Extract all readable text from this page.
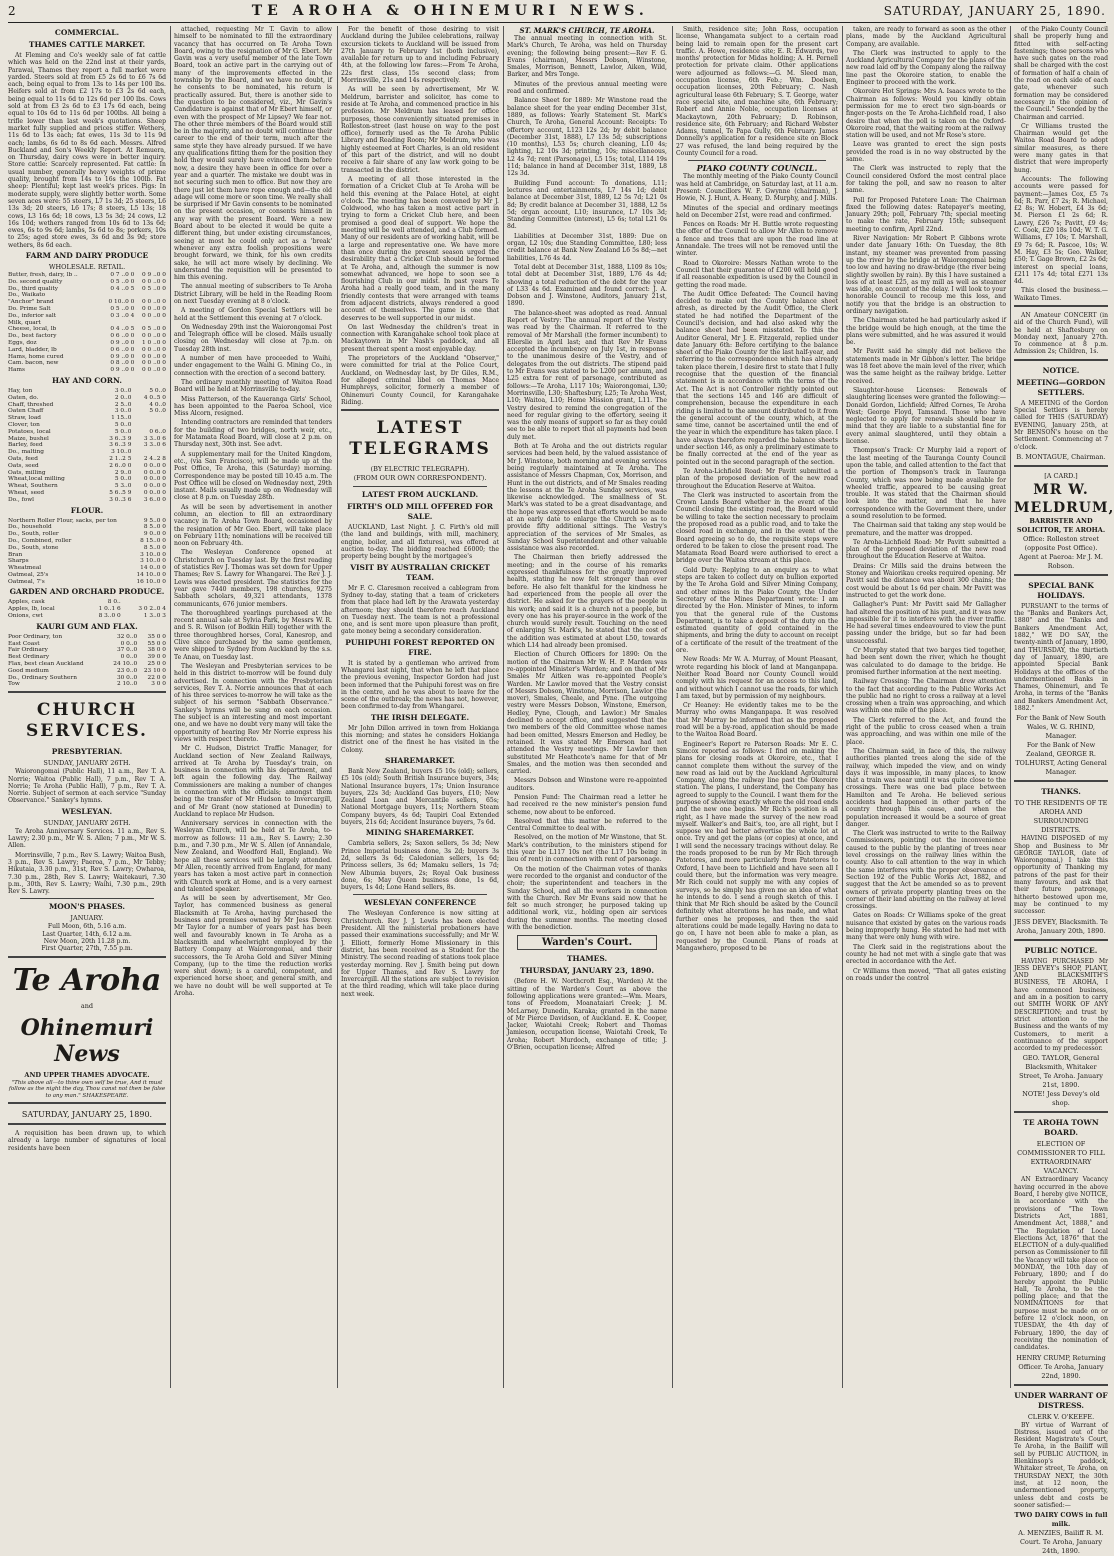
2	TE AROHA & OHINEMURI NEWS.	SATURDAY, JANUARY 25, 1890.
COMMERCIAL.
THAMES CATTLE MARKET.

At Fleming and Co's weekly sale of fat cattle which was held on the 22nd inst at their yards, Parawai, Thames they report a full market were yarded. Steers sold at from £5 2s 6d to £6 7s 6d each, being equal to from 13s to 14s per 100 lbs. Heifers sold at from £2 17s to £3 2s 6d each, being equal to 11s 6d to 12s 6d per 100 lbs. Cows sold at from £3 2s 6d to £3 17s 6d each, being equal to 10s 6d to 11s 6d per 100lbs. All being a trifle lower than last week's quotations. Sheep market fully supplied and prices stiffer. Wethers, 11s 6d to 13s each; fat ewes, 11s 3d to 11s 9d each; lambs, 6s 6d to 8s 6d each. Messrs. Alfred Buckland and Son's Weekly Report. At Remuera, on Thursday, dairy cows were in better inquiry. Store cattle: Scarcely represented. Fat cattle: In usual number, generally heavy weights of prime quality, brought from 14s to 16s the 100lb. Fat sheep: Plentiful; kept last week's prices. Pigs: In moderate supply, were slightly better worth. Some seven aces were: 55 steers, L7 1s 3d; 25 steers, L6 13s 3d; 20 steers, L6 17s; 8 steers, L5 13s; 18 cows, L3 16s 6d; 18 cows, L3 5s 3d; 24 cows, L2 16s 10d; wethers ranged from 10s 6d to 13s 6d; ewes, 6s to 9s 6d; lambs, 5s 6d to 8s; porkers, 10s to 25s; aged store ewes, 3s 6d and 3s 9d; store wethers, 8s 6d each.

FARM AND DAIRY PRODUCE
WHOLESALE. RETAIL.
Butter, fresh, dairy, lb ..	0 7 ..0 0	0 9 ..0 0
Do. second quality	0 5 ..0 0	0 0 ..0 0
Do., third quality	0 4 ..0 5	0 5 ..0 0
Do., Waikato		
"Anchor" brand	0 10..0 0	0 0 ..0 0
Do. Prime Salt	0 5 ..0 0	0 0 ..0 0
Do., inferior salt	0 3 ..0 4	0 0 ..0 0
Milk, quart		
Cheese, local, lb	0 4 ..0 5	0 5 ..0 0
Do., best factory	0 6 ..0 0	0 0 ..0 0
Eggs, doz	0 9 ..0 0	1 0 ..0 0
Lard, bladder, lb	0 6 ..0 0	0 0 ..0 0
Hams, home cured	0 9 ..0 0	0 0 ..0 0
Cam. bacon, new	0 8 ..0 0	0 0 ..0 0
Hams	0 9 ..0 0	0 0 ..0 0
HAY AND CORN.
Hay, ton	3 0..0	5 0..0	
Oaten, do.	2 0..0	4 0..5 0	
Chaff, threshed	2 5..0	4 0..0	
Oaten Chaff	3 0..0	5 0..0	
Straw, load	1 15..0		
Clover, ton	5 0..0		
Potatoes, local	5 0..0	0 6..0	
Maize, bushel	3 6..3 9	3 3..0 6	
Barley, feed	3 6..3 9	3 3..0 6	
Do., malting	3 10..0		
Oats, feed	2 1..2 5	2 4..2 8	
Oats, seed	2 6..0 0	0 0..0 0	
Oats, milling	2 9..0	0 0..0 0	
Wheat,local milling	5 0..0	0 0..0 0	
Wheat, Southern	5 3..0	0 0..0 0	
Wheat, seed	5 6..5 9	0 0..0 0	
Do., fowl	3 0..3 6	3 6..0 0	
FLOUR.
Northern Roller Flour, sacks, per ton	9 5..0 0	
Do., household	8 5..0 0	
Do., South, roller	9 0..0 0	
Do., Combined, roller	8 15..0 0	
Do., South, stone	8 5..0 0	
Bran	3 10..0 0	
Sharps	3 10..0 0	
Wheatmeal	14 0..0 0	
Oatmeal, 25's	14 10..0 0	
Oatmeal, 7's	16 10..0 0	
GARDEN AND ORCHARD PRODUCE.
Apples, cask	8 0..	
Apples, lb, local	1 0..1 6	3 0 2..0 4
Onions, cwt	8 3..0 0	1 3..0 3
KAURI GUM AND FLAX.
Poor Ordinary, ton	32 0..0	35 0 0
East Coast	0 0..0	55 0 0
Fair Ordinary	37 0..0	38 0 0
Best Ordinary	0 0..0	39 0 0
Flax, best clean Auckland	24 10..0	25 0 0
Good medium	23 0..0	23 10 0
Do., Ordinary Southern	30 0..0	22 0 0
Tow	2 10..0	3 0 0
CHURCH SERVICES.
PRESBYTERIAN.
SUNDAY, JANUARY 26TH.

Waiorongomai (Public Hall), 11 a.m., Rev T. A. Norrie; Waitoa (Public Hall), 7 p.m., Rev T. A. Norrie; Te Aroha (Public Hall), 7 p.m., Rev T. A. Norrie. Subject of sermon at each service "Sunday Observance." Sankey's hymns.

WESLEYAN.
SUNDAY, JANUARY 26TH.

Te Aroha Anniversary Services. 11 a.m., Rev S. Lawry; 2.30 p.m., Mr W. S. Allen; 7 p.m., Mr W. S. Allen.

Morrinsville, 7 p.m., Rev S. Lawry; Waitoa Bush, 3 p.m., Rev S. Lawry; Paeroa, 7 p.m., Mr Tebby; Hikutaia, 3.30 p.m., 31st, Rev S. Lawry; Owharoa, 7.30 p.m., 28th, Rev S. Lawry; Waitekauri, 7.30 p.m., 30th, Rev S. Lawry; Waihi, 7.30 p.m., 29th Rev S. Lawry.

MOON'S PHASES.
JANUARY.
Full Moon, 6th, 5.16 a.m.
Last Quarter, 14th, 6.12 a.m.
New Moon, 20th 11.28 p.m.
First Quarter, 27th, 7.55 p.m.
Te Aroha
and
Ohinemuri News
AND UPPER THAMES ADVOCATE.
"This above all—to thine own self be true, And it must follow as the night the day, Thou canst not then be false to any man." SHAKESPEARE.
SATURDAY, JANUARY 25, 1890.

A requisition has been drawn up, to which already a large number of signatures of local residents have been

attached, requesting Mr T. Gavin to allow himself to be nominated to fill the extraordinary vacancy that has occurred on Te Aroha Town Board, owing to the resignation of Mr G. Ebert. Mr Gavin was a very useful member of the late Town Board, took an active part in the carrying out of many of the improvements effected in the township by the Board, and we have no doubt, if he consents to be nominated, his return is practically assured. But, there is another side to the question to be considered, viz., Mr Gavin's Candidature is against that of Mr Ebert himself, or even with the prospect of Mr Lipsey? We fear not. The other three members of the Board would still be in the majority, and no doubt will continue their career to the end of their term, much after the same style they have already pursued. If we have any qualifications fitting them for the position they hold they would surely have evinced them before now, a desire they have been in office for over a year and a quarter. The mistake we doubt was in not securing such men to office. But now they are there just let them have rope enough and—the old adage will come more or soon time. We really shall be surprised if Mr Gavin consents to be nominated on the present occasion, or consents himself in any way with the present Board. Were a new Board about to be elected it would be quite a different thing, but under existing circumstances, seeing at most he could only act as a 'break' whenever any extra foolish propositions were brought forward, we think, for his own credits sake, he will act more wisely by declining. We understand the requisition will be presented to him this evening.

The annual meeting of subscribers to Te Aroha District Library, will be held in the Reading Room on next Tuesday evening at 8 o'clock.

A meeting of Gordon Special Settlers will be held at the Settlement this evening at 7 o'clock.

On Wednesday 29th inst the Waiorongomai Post and Telegraph office will be closed. Mails usually closing on Wednesday will close at 7p.m. on Tuesday 28th inst.

A number of men have proceeded to Waihi, under engagement to the Waihi G. Mining Co., in connection with the erection of a second battery.

The ordinary monthly meeting of Waitoa Road Board will be held at Morrinsville to-day.

Miss Patterson, of the Kaueranga Girls' School, has been appointed to the Paeroa School, vice Miss Alcorn, resigned.

Intending contractors are reminded that tenders for the building of two bridges, north weir, etc., for Matamata Road Board, will close at 2 p.m. on Thursday next, 30th inst. See advt.

A supplementary mail for the United Kingdom, etc., (via San Francisco), will be made up at the Post Office, Te Aroha, this (Saturday) morning. Correspondence may be posted till 10.45 a.m. The Post Office will be closed on Wednesday next, 29th instant. Mails usually made up on Wednesday will close at 8 p.m. on Tuesday 28th.

As will be seen by advertisement in another column, an election to fill an extraordinary vacancy in Te Aroha Town Board, occasioned by the resignation of Mr Geo. Ebert, will take place on February 11th; nominations will be received till noon on February 4th.

The Wesleyan Conference opened at Christchurch on Tuesday last. By the first reading of statistics Rev J. Thomas was set down for Upper Thames; Rev S. Lawry for Whangarei. The Rev J. J. Lewis was elected president. The statistics for the year gave 7440 members, 198 churches, 9275 Sabbath scholars, 49,321 attendants, 1378 communicants, 676 junior members.

The thoroughbred yearlings purchased at the recent annual sale at Sylvia Park, by Messrs W. R. and S. R. Wilson (of Bodkin Hill) together with the three thoroughbred horses, Coral, Kanesrop, and Clive since purchased by the same gentlemen, were shipped to Sydney from Auckland by the s.s. Te Anau, on Tuesday last.

The Wesleyan and Presbyterian services to be held in this district to-morrow will be found duly advertised. In connection with the Presbyterian services, Rev T. A. Norrie announces that at each of his three services to-morrow he will take as the subject of his sermon "Sabbath Observance." Sankey's hymns will be sung on each occasion. The subject is an interesting and most important one, and we have no doubt very many will take the opportunity of hearing Rev Mr Norrie express his views with respect thereto.

Mr C. Hudson, District Traffic Manager, for Auckland section of New Zealand Railways, arrived at Te Aroha by Tuesday's train, on business in connection with his department, and left again the following day. The Railway Commissioners are making a number of changes in connection with the officials; amongst them being the transfer of Mr Hudson to Invercargill, and of Mr Grant (now stationed at Dunedin) to Auckland to replace Mr Hudson.

Anniversary services in connection with the Wesleyan Church, will be held at Te Aroha, to-morrow as follows: 11 a.m., Rev S. Lawry; 2.30 p.m., and 7.30 p.m., Mr W. S. Allen (of Annandale, New Zealand, and Woodford Hall, England). We hope all these services will be largely attended. Mr Allen, recently arrived from England, for many years has taken a most active part in connection with Church work at Home, and is a very earnest and talented speaker.

As will be seen by advertisement, Mr Geo. Taylor, has commenced business as general Blacksmith at Te Aroha, having purchased the business and premises owned by Mr Jess Devey. Mr Taylor for a number of years past has been well and favourably known in Te Aroha as a blacksmith and wheelwright employed by the Battery Company at Waiorongomai, and their successors, the Te Aroha Gold and Silver Mining Company, (up to the time the reduction works were shut down); is a careful, competent, and experienced horse shoer, and general smith, and we have no doubt will be well supported at Te Aroha.

For the benefit of those desiring to visit Auckland during the Jubilee celebrations, railway excursion tickets to Auckland will be issued from 27th January to February 1st (both inclusive), available for return up to and including February 4th, at the following low fares:—From Te Aroha, 22s first class, 15s second class; from Morrinsville, 21s and 14s respectively.

As will be seen by advertisement, Mr W. Meldrum, barrister and solicitor, has come to reside at Te Aroha, and commenced practice in his profession. Mr Meldrum has leased for office purposes, those conveniently situated premises in Rolleston-street (last house on way to the post office), formerly used as the Te Aroha Public Library and Reading Room; Mr Meldrum, who was highly esteemed at Fort Charles, is an old resident of this part of the district, and will no doubt receive a fair share of any law work going to be transacted in the district.

A meeting of all those interested in the formation of a Cricket Club at Te Aroha will be held this evening at the Palace Hotel, at eight o'clock. The meeting has been convened by Mr J. Coldwood, who has taken a most active part in trying to form a Cricket Club here, and been promised a good deal of support. We hope the meeting will be well attended, and a Club formed. Many of our residents are of working habit, will be a large and representative one. We have more than once during the present season urged the desirability that a Cricket Club should be formed at Te Aroha, and, although the summer is now somewhat advanced, we hope to soon see a flourishing Club in our midst. In past years Te Aroha had a really good team, and in the many friendly contests that were arranged with teams from adjacent districts, always rendered a good account of themselves. The game is one that deserves to be well supported in our midst.

On last Wednesday the children's treat in connection with Karangahake school took place at Mackaytown in Mr Nash's paddock, and all present thereat spent a most enjoyable day.

The proprietors of the Auckland "Observer," were committed for trial at the Police Court, Auckland, on Wednesday last, by Dr Giles, R.M., for alleged criminal libel on Thomas Mace Humphreys, solicitor, formerly a member of Ohinemuri County Council, for Karangahake Riding.

LATEST TELEGRAMS
(BY ELECTRIC TELEGRAPH).
(FROM OUR OWN CORRESPONDENT).
LATEST FROM AUCKLAND.
FIRTH'S OLD MILL OFFERED FOR SALE.

AUCKLAND, Last Night. J. C. Firth's old mill (the land and buildings, with mill, machinery, engine, boiler, and all fixtures), was offered at auction to-day. The bidding reached £6000; the property being bought by the mortgagee's

VISIT BY AUSTRALIAN CRICKET TEAM.

Mr F. C. Claresmon received a cablegram from Sydney to-day, stating that a team of cricketers from that place had left by the Arawata yesterday afternoon; they should therefore reach Auckland on Tuesday next. The team is not a professional one, and is sent more upon pleasure than profit, gate money being a secondary consideration.

PUHIPUHI FOREST REPORTED ON FIRE.

It is stated by a gentleman who arrived from Whangarei last night, that when he left that place the previous evening, Inspector Gordon had just been informed that the Puhipuhi forest was on fire in the centre, and he was about to leave for the scene of the outbreak; the news has not, however, been confirmed to-day from Whangarei.

THE IRISH DELEGATE.

Mr John Dillon arrived in town from Hokianga this morning; and states he considers Hokianga district one of the finest he has visited in the Colony.

SHAREMARKET.

Bank New Zealand, buyers £5 10s (old); sellers, £5 10s (old); South British Insurance buyers, 34s; National Insurance buyers, 17s; Union Insurance buyers, 22s 3d; Auckland Gas buyers, £10; New Zealand Loan and Mercantile sellers, 65s; National Mortgage buyers, 11s; Northern Steam Company buyers, 4s 6d; Taupiri Coal Extended buyers, 21s 6d; Accident Insurance buyers, 7s 6d.

MINING SHAREMARKET.

Cambria sellers, 2s; Saxon sellers, 5s 3d; New Prince Imperial business done, 3s 2d; buyers 3s 2d, sellers 3s 6d; Caledonian sellers, 1s 6d; Princess sellers, 3s 6d; Mamaku sellers, 1s 7d; New Albumia buyers, 2s; Royal Oak business done, 6s; May Queen business done, 1s 6d, buyers, 1s 4d; Lone Hand sellers, 8s.

WESLEYAN CONFERENCE

The Wesleyan Conference is now sitting at Christchurch. Rev J. J. Lewis has been elected President. All the ministerial probationers have passed their examinations successfully; and Mr W. J. Elliott, formerly Home Missionary in this district, has been received as a Student for the Ministry. The second reading of stations took place yesterday morning. Rev J. Smith being put down for Upper Thames, and Rev S. Lawry for Invercargill. All the stations are subject to revision at the third reading, which will take place during next week.

ST. MARK'S CHURCH, TE AROHA.

The annual meeting in connection with St. Mark's Church, Te Aroha, was held on Thursday evening; the following being present:—Rev F. G. Evans (chairman), Messrs Dobson, Winstone, Smales, Morrison, Bennett, Lawlor, Aiken, Wild, Barker, and Mrs Tonge.

Minutes of the previous annual meeting were read and confirmed.

Balance Sheet for 1889: Mr Winstone read the balance sheet for the year ending December 31st, 1889, as follows: Yearly Statement St. Mark's Church, Te Aroha, General Account: Receipts: To offertory account, L123 12s 2d; by debit balance (December 31st, 1888), L7 13s 5d; subscriptions (10 months), L53 5s; church cleaning, L10 4s; lighting, L2 10s 3d; printing, 10s; miscellaneous, L2 4s 7d; rent (Parsonage), L5 15s; total, L114 19s 11d; balance in hand at December 31st, 1889, L8 12s 3d.

Building Fund account: To donations, L11; lectures and entertainments, L7 14s 1d; debit balance at December 31st, 1889, L2 5s 7d; L21 0s 8d; By credit balance at December 31, 1888, L2 5s 5d; organ account, L10; insurance, L7 10s 3d; Standing Committee (interest), L5 6s; total L21 0s 8d.

Liabilities at December 31st, 1889: Due on organ, L2 10s; due Standing Committee, L80; less credit balance at Bank New Zealand L6 5s 8d;—net liabilities, L76 4s 4d.

Total debt at December 31st, 1888, L109 8s 10s; total debt at December 31st, 1889, L76 4s 4d; showing a total reduction of the debt for the year of L33 4s 6d. Examined and found correct: J. A. Dobson and J. Winstone, Auditors, January 21st, 1890.

The balance-sheet was adopted as read. Annual Report of Vestry: The annual report of the Vestry was read by the Chairman. It referred to the removal of Mr Marshall (the former incumbent) to Ellerslie in April last; and that Rev Mr Evans accepted the incumbency on July 1st, in response to the unanimous desire of the Vestry, and of delegates from the out districts. The stipend paid to Mr Evans was stated to be L200 per annum, and L25 extra for rent of parsonage, contributed as follows:—Te Aroha, L117 10s; Waiorongomai, L30; Morrinsville, L30; Shaftesbury, L25; Te Aroha West, L10; Waitoa, L10; Home Mission grant, L11. The Vestry desired to remind the congregation of the need for regular giving to the offertory, seeing it was the only means of support so far as they could see to be able to report that all payments had been duly met.

Both at Te Aroha and the out districts regular services had been held, by the valued assistance of Mr J. Winstone, both morning and evening services being regularly maintained at Te Aroha. The assistance of Messrs Chapman, Cox, Morrison, and Hunt in the out districts, and of Mr Smales reading the lessons at the Te Aroha Sunday services, was likewise acknowledged. The smallness of St. Mark's was stated to be a great disadvantage, and the hope was expressed that efforts would be made at an early date to enlarge the Church so as to provide fifty additional sittings. The Vestry's appreciation of the services of Mr Smales, as Sunday School Superintendent and other valuable assistance was also recorded.

The Chairman then briefly addressed the meeting; and in the course of his remarks expressed thankfulness for the greatly improved health, stating he now felt stronger than ever before. He also felt thankful for the kindness he had experienced from the people all over the district. He asked for the prayers of the people in his work; and said it is a church not a people, but every one has his prayer-source in the work of the church would surely result. Touching on the need of enlarging St. Mark's, he stated that the cost of the addition was estimated at about L50, towards which L14 had already been promised.

Election of Church Officers for 1890: On the motion of the Chairman Mr W. H. P. Marden was re-appointed Minister's Warden; and on that of Mr Smales Mr Aitken was re-appointed People's Warden. Mr Lawlor moved that the Vestry consist of Messrs Dobson, Winstone, Morrison, Lawlor (the mover), Smales, Cheale, and Pyne. (The outgoing vestry were Messrs Dobson, Winstone, Emerson, Hedley, Pyne, Clough, and Lawlor.) Mr Smales declined to accept office, and suggested that the two members of the old Committee whose names had been omitted, Messrs Emerson and Hedley, be retained. It was stated Mr Emerson had not attended the Vestry meetings. Mr Lawlor then substituted Mr Heathcote's name for that of Mr Smales, and the motion was then seconded and carried.

Messrs Dobson and Winstone were re-appointed auditors.

Pension Fund: The Chairman read a letter he had received re the new minister's pension fund scheme, now about to be enforced.

Resolved that this matter be referred to the Central Committee to deal with.

Resolved, on the motion of Mr Winstone, that St. Mark's contribution, to the ministers stipend for this year be L117 10s net (the L17 10s being in lieu of rent) in connection with rent of parsonage.

On the motion of the Chairman votes of thanks were recorded to the organist and conductor of the choir; the superintendent and teachers in the Sunday School, and all the workers in connection with the Church. Rev Mr Evans said now that he felt so much stronger, he purposed taking up additional work, viz., holding open air services during the summer months. The meeting closed with the benediction.

Warden's Court.
THAMES.
THURSDAY, JANUARY 23, 1890.

(Before H. W. Northcroft Esq., Warden) At the sitting of the Warden's Court as above the following applications were granted:—Wm. Mears, tons of Freedom, Moanataiari Creek; J. M. McLarney, Dunedin, Karaka; granted in the name of Mr Pierce Davidson, of Auckland. E. K. Cooper, Jacker, Waiotahi Creek; Robert and Thomas Jamieson, occupation license, Waiotahi Creek, Te Aroha; Robert Murdoch, exchange of title; J. O'Brien, occupation license; Alfred

Smith, residence site; John Ross, occupation license, Whangamata subject to a certain road being laid to remain open for the present cart traffic. A. Howe, residence site; E. R. Edwards, two months' protection for Midas holding; A. H. Pernell protection for private claim. Other applications were adjourned as follows:—G. M. Sleed man, occupation license, 6th Feb.; Wm. Doelsen, occupation licenses, 20th February; C. Nash agricultural lease 6th February; S. T. George, water race special site, and machine site, 6th February; Robert and Annie Noble, occupation licenses at Mackaytown, 20th February; D. Robinson, residence site, 6th February; and Richard Webster Adams, tunnel, Te Papa Gully, 6th February. James Donnelly's application for a residence site on Block 27 was refused, the land being required by the County Council for a road.

PIAKO COUNTY COUNCIL.

The monthly meeting of the Piako County Council was held at Cambridge, on Saturday last, at 11 a.m. Present: Councillors W. F. Gwynne (chairman), J. Howie, N. J. Hunt, A. Heany, D. Murphy, and J. Mills.

Minutes of the special and ordinary meetings held on December 21st, were read and confirmed.

Fences on Roads: Mr H. Buttle wrote requesting the offer of the Council to allow Mr Allen to remove a fence and trees that are upon the road line at Annandale. The trees will not be removed until the winter.

Road to Okoroire: Messrs Nathan wrote to the Council that their guarantee of £200 will hold good if all reasonable expedition is used by the Council in getting the road made.

The Audit Office Defeated: The Council having decided to make out the County balance sheet afresh, as directed by the Audit Office, the Clerk stated he had notified the Department of the Council's decision, and had also asked why the balance sheet had been misstated. To this the Auditor General, Mr J. E. Fitzgerald, replied under date January 6th: Before certifying to the balance sheet of the Piako County for the last half-year, and referring to the correspondence which has already taken place therein, I desire first to state that I fully recognise that the question of the financial statement is in accordance with the terms of the Act. The Act is not Controller rightly pointed out that the sections 145 and 146 are difficult of comprehension, because the expenditure in each riding is limited to the amount distributed to it from the general account of the county, which, at the same time, cannot be ascertained until the end of the year in which the expenditure has taken place. I have always therefore regarded the balance sheets under section 146, as only a preliminary estimate to be finally corrected at the end of the year as pointed out in the second paragraph of the section.

Te Aroha-Lichfield Road: Mr Pavitt submitted a plan of the proposed deviation of the new road throughout the Education Reserve at Waitoa.

The Clerk was instructed to ascertain from the Crown Lands Board whether in the event of the Council closing the existing road, the Board would be willing to take the section necessary to proclaim the proposed road as a public road, and to take the closed road in exchange, and in the event of the Board agreeing so to do, the requisite steps were ordered to be taken to close the present road. The Matamata Road Board were authorised to erect a bridge over the Waitoa stream at this place.

Gold Duty: Replying to an enquiry as to what steps are taken to collect duty on bullion exported by the Te Aroha Gold and Silver Mining Company, and other mines in the Piako County, the Under Secretary of the Mines Department wrote: I am directed by the Hon. Minister of Mines, to inform you that the general rule of the Customs Department, is to take a deposit of the duty on the estimated quantity of gold contained in the shipments, and bring the duty to account on receipt of a certificate of the result of the treatment of the ore.

New Roads: Mr W. A. Murray, of Mount Pleasant, wrote regarding his block of land at Manganpapa. Neither Road Board nor County Council would comply with his request for an access to this land, and without which I cannot use the roads, for which I am taxed, but by permission of my neighbours.

Cr Heaney: He evidently takes me to be the Murray who owns Manganpapa. It was resolved that Mr Murray be informed that as the proposed road will be a by-road, application should be made to the Waitoa Road Board.

Engineer's Report re Paterson Roads: Mr E. C. Simcox reported as follows: I find on making the plans for closing roads at Okoroire, etc., that I cannot complete them without the survey of the new road as laid out by the Auckland Agricultural Company, along the railway line past the Okoroire station. The plans, I understand, the Company has agreed to supply to the Council. I want them for the purpose of showing exactly where the old road ends and the new one begins. Mr Rich's position is all right, as I have made the survey of the new road myself. Walker's and Bait's, too, are all right, but I suppose we had better advertise the whole lot at once. Try and get the plans (or copies) at once, and I will send the necessary tracings without delay. Re the roads proposed to be run by Mr Rich through Patetores, and more particularly from Patetores to Oxford, I have been to Lichfield and have seen all I could there, but the information was very meagre. Mr Rich could not supply me with any copies of surveys, so he simply has given me an idea of what he intends to do. I send a rough sketch of this. I think that Mr Rich should be asked by the Council definitely what alterations he has made, and what further ones he proposes, and then the said alterations could be made legally. Having no data to go on, I have not been able to make a plan, as requested by the Council. Plans of roads at Mangawhero, proposed to be

taken, are ready to forward as soon as the other plans, made by the Auckland Agricultural Company, are available.

The Clerk was instructed to apply to the Auckland Agricultural Company for the plans of the new road laid off by the Company along the railway line past the Okoroire station, to enable the Engineer to proceed with the work.

Okoroire Hot Springs: Mrs A. Isaacs wrote to the Chairman as follows: Would you kindly obtain permission for me to erect two sign-boards or finger-posts on the Te Aroha-Lichfield road, I also desire that when the poll is taken on the Oxford-Okoroire road, that the waiting room at the railway station will be used, and not Mr Rose's store.

Leave was granted to erect the sign posts provided the road is in no way obstructed by the same.

The Clerk was instructed to reply that the Council considered Oxford the most central place for taking the poll, and saw no reason to alter same.

Poll for Proposed Patetere Loan: The Chairman fixed the following dates: Ratepayer's meeting, January 29th; poll, February 7th; special meeting to make the rate, February 15th; subsequent meeting to confirm, April 22nd.

River Navigation: Mr Robert P. Gibbons wrote under date January 16th: On Tuesday, the 8th instant, my steamer was prevented from passing up the river by the bridge at Waiorongomai being too low and having no draw-bridge (the river being slightly swollen by rain). By this I have sustained a loss of at least £25, as my mill as well as steamer was idle, on account of the delay. I will look to your honorable Council to recoup me this loss, and notify you that the bridge is an obstruction to ordinary navigation.

The Chairman stated he had particularly asked if the bridge would be high enough, at the time the plans were submitted, and he was assured it would be.

Mr Pavitt said he simply did not believe the statements made in Mr Gibbon's letter. The bridge was 18 feet above the main level of the river, which was the same height as the railway bridge. Letter received.

Slaughter-house Licenses: Renewals of slaughtering licenses were granted the following:—Donald Gordon, Lichfield; Alfred Cornes, Te Aroha West; George Floyd, Tamsand. Those who have neglected to apply for renewals should bear in mind that they are liable to a substantial fine for every animal slaughtered, until they obtain a license.

Thompson's Track: Cr Murphy laid a report of the last meeting of the Tauranga County Council upon the table, and called attention to the fact that the portion of Thompson's track in Tauranga County, which was now being made available for wheeled traffic, appeared to be causing great trouble. It was stated that the Chairman should look into the matter, and that he have correspondence with the Government there, under a sound resolution to be formed.

The Chairman said that taking any step would be premature, and the matter was dropped.

Te Aroha-Lichfield Road: Mr Pavitt submitted a plan of the proposed deviation of the new road throughout the Education Reserve at Waitoa.

Drains: Cr Mills said the drains between the Stoney and Waiorikau creeks required opening. Mr Pavitt said the distance was about 300 chains; the cost would be about 1s 6d per chain. Mr Pavitt was instructed to get the work done.

Gallagher's Punt: Mr Pavitt said Mr Gallagher had altered the position of his punt, and it was now impossible for it to interfere with the river traffic. He had several times endeavoured to view the punt passing under the bridge, but so far had been unsuccessful.

Cr Murphy stated that two barges tied together, had been sent down the river, which he thought was calculated to do damage to the bridge. He promised further information at the next meeting.

Railway Crossing: The Chairman drew attention to the fact that according to the Public Works Act the public had no right to cross a railway at a level crossing when a train was approaching, and which was within one mile of the place.

The Clerk referred to the Act, and found the right of the public to cross ceased when a train was approaching, and was within one mile of the place.

The Chairman said, in face of this, the railway authorities planted trees along the side of the railway, which impeded the view, and on windy days it was impossible, in many places, to know that a train was near until it was quite close to the crossings. There was one bad place between Hamilton and Te Aroha. He believed serious accidents had happened in other parts of the country through this cause, and when the population increased it would be a source of great danger.

The Clerk was instructed to write to the Railway Commissioners, pointing out the inconvenience caused to the public by the planting of trees near level crossings on the railway lines within the county. Also to call attention to the way in which the same interferes with the proper observance of Section 192 of the Public Works Act, 1882, and suggest that the Act be amended so as to prevent owners of private property planting trees on the corner of their land abutting on the railway at level crossings.

Gates on Roads: Cr Williams spoke of the great nuisance that existed by gates on the various roads being improperly hung. He stated he had met with many that were only hung with wire.

The Clerk said in the registrations about the county he had not met with a single gate that was erected in accordance with the Act.

Cr Williams then moved, "That all gates existing on roads under the control

of the Piako County Council shall be properly hung and fitted with self-acting fastenings; those persons who have such gates on the road shall be charged with the cost of formation of half a chain of the road on each side of each gate, whenever such formation may be considered necessary in the opinion of the Council." Seconded by the Chairman and carried.

Cr Williams trusted the Chairman would get the Waitoa Road Board to adopt similar measures, as there were many gates in that district that were improperly hung.

Accounts: The following accounts were passed for payment:—James Cox, £5 7s 6d; R. Parr, £7 2s; R. Michael, £2 8s; W. Hobert, £4 3s 6d; M. Pierson £1 2s 6d; R. Lawry, £26 7s; Pavitt, £9 4s; C. Cook, £20 18s 10d; W. T. G. Williams, £7 10s; T. Marshall, £9 7s 6d; R. Pascoe, 10s; W. M. Hay, £3 5s; Geo. Walker, £50; T. Gage Brown, £2 2s 6d; interest on special loans, £211 17s 4d; total £271 13s 4d.

This closed the business.—Waikato Times.

AN Amateur CONCERT (in aid of the Church Fund), will be held at Shaftesbury on Monday next, January 27th. To commence at 8 p.m. Admission 2s; Children, 1s.

NOTICE.
MEETING—GORDON SETTLERS.

A MEETING of the Gordon Special Settlers is hereby called for THIS (SATURDAY) EVENING, January 25th, at Mr BENSON's house on the Settlement. Commencing at 7 o'clock.

B. MONTAGUE, Chairman.
[A CARD.]
MR W. MELDRUM,
BARRISTER AND SOLICITOR, TE AROHA.
Office: Rolleston street (opposite Post Office). Agent at Paeroa: Mr J. M. Robson.
SPECIAL BANK HOLIDAYS.

PURSUANT to the terms of the "Banks and Bankers Act, 1880" and the "Banks and Bankers Amendment Act, 1882," WE DO SAY, the twenty-ninth of January, 1890, and THURSDAY, the thirtieth day of January, 1890, are appointed Special Bank Holidays at the offices of the undermentioned Banks in Thames, Ohinemuri, and Te Aroha, in terms of the "Banks and Bankers Amendment Act, 1882."

For the Bank of New South Wales, W. G. RHIND, Manager.
For the Bank of New Zealand, GEORGE R. TOLHURST, Acting General Manager.
THANKS.
TO THE RESIDENTS OF TE AROHA AND SURROUNDING DISTRICTS.

HAVING DISPOSED of my Shop and Business to Mr GEORGE TAYLOR, (late of Waiorongomai,) I take this opportunity of Thanking my patrons of the past for their many favours, and ask that their future patronage, hitherto bestowed upon me, may be continued to my successor.

JESS DEVEY, Blacksmith. Te Aroha, January 20th, 1890.
PUBLIC NOTICE.

HAVING PURCHASED Mr JESS DEVEY's SHOP, PLANT, AND BLACKSMITH'S BUSINESS, TE AROHA, I have commenced business, and am in a position to carry out SMITH WORK OF ANY DESCRIPTION; and trust by strict attention to the Business and the wants of my Customers, to merit a continuance of the support accorded to my predecessor.

GEO. TAYLOR, General Blacksmith, Whitaker Street, Te Aroha. January 21st, 1890.
NOTE! Jess Devey's old shop.
TE AROHA TOWN BOARD.
ELECTION OF COMMISSIONER TO FILL EXTRAORDINARY VACANCY.

AN Extraordinary Vacancy having occurred in the above Board, I hereby give NOTICE, in accordance with the provisions of "The Town Districts Act, 1881, Amendment Act, 1888," and "The Regulation of Local Elections Act, 1876" that the ELECTION of a duly-qualified person as Commissioner to fill the Vacancy will take place on MONDAY, the 10th day of February, 1890; and I do hereby appoint the Public Hall, Te Aroha, to be the polling place; and that the NOMINATIONS for that purpose must be made on or before 12 o'clock noon, on TUESDAY, the 4th day of February, 1890, the day of receiving the nomination of candidates.

HENRY CRUMP, Returning Officer. Te Aroha, January 22nd, 1890.
UNDER WARRANT OF DISTRESS.
CLERK V. O'KEEFE.

BY virtue of Warrant of Distress, issued out of the Resident Magistrate's Court, Te Aroha, in the Bailiff will sell by PUBLIC AUCTION, in Blenkinsop's paddock, Whitaker street, Te Aroha, on THURSDAY NEXT, the 30th inst, at 12 noon, the undermentioned property, unless debt and costs be sooner satisfied:—

TWO DAIRY COWS in full milk.
A. MENZIES, Bailiff R. M. Court. Te Aroha, January 24th, 1890.
